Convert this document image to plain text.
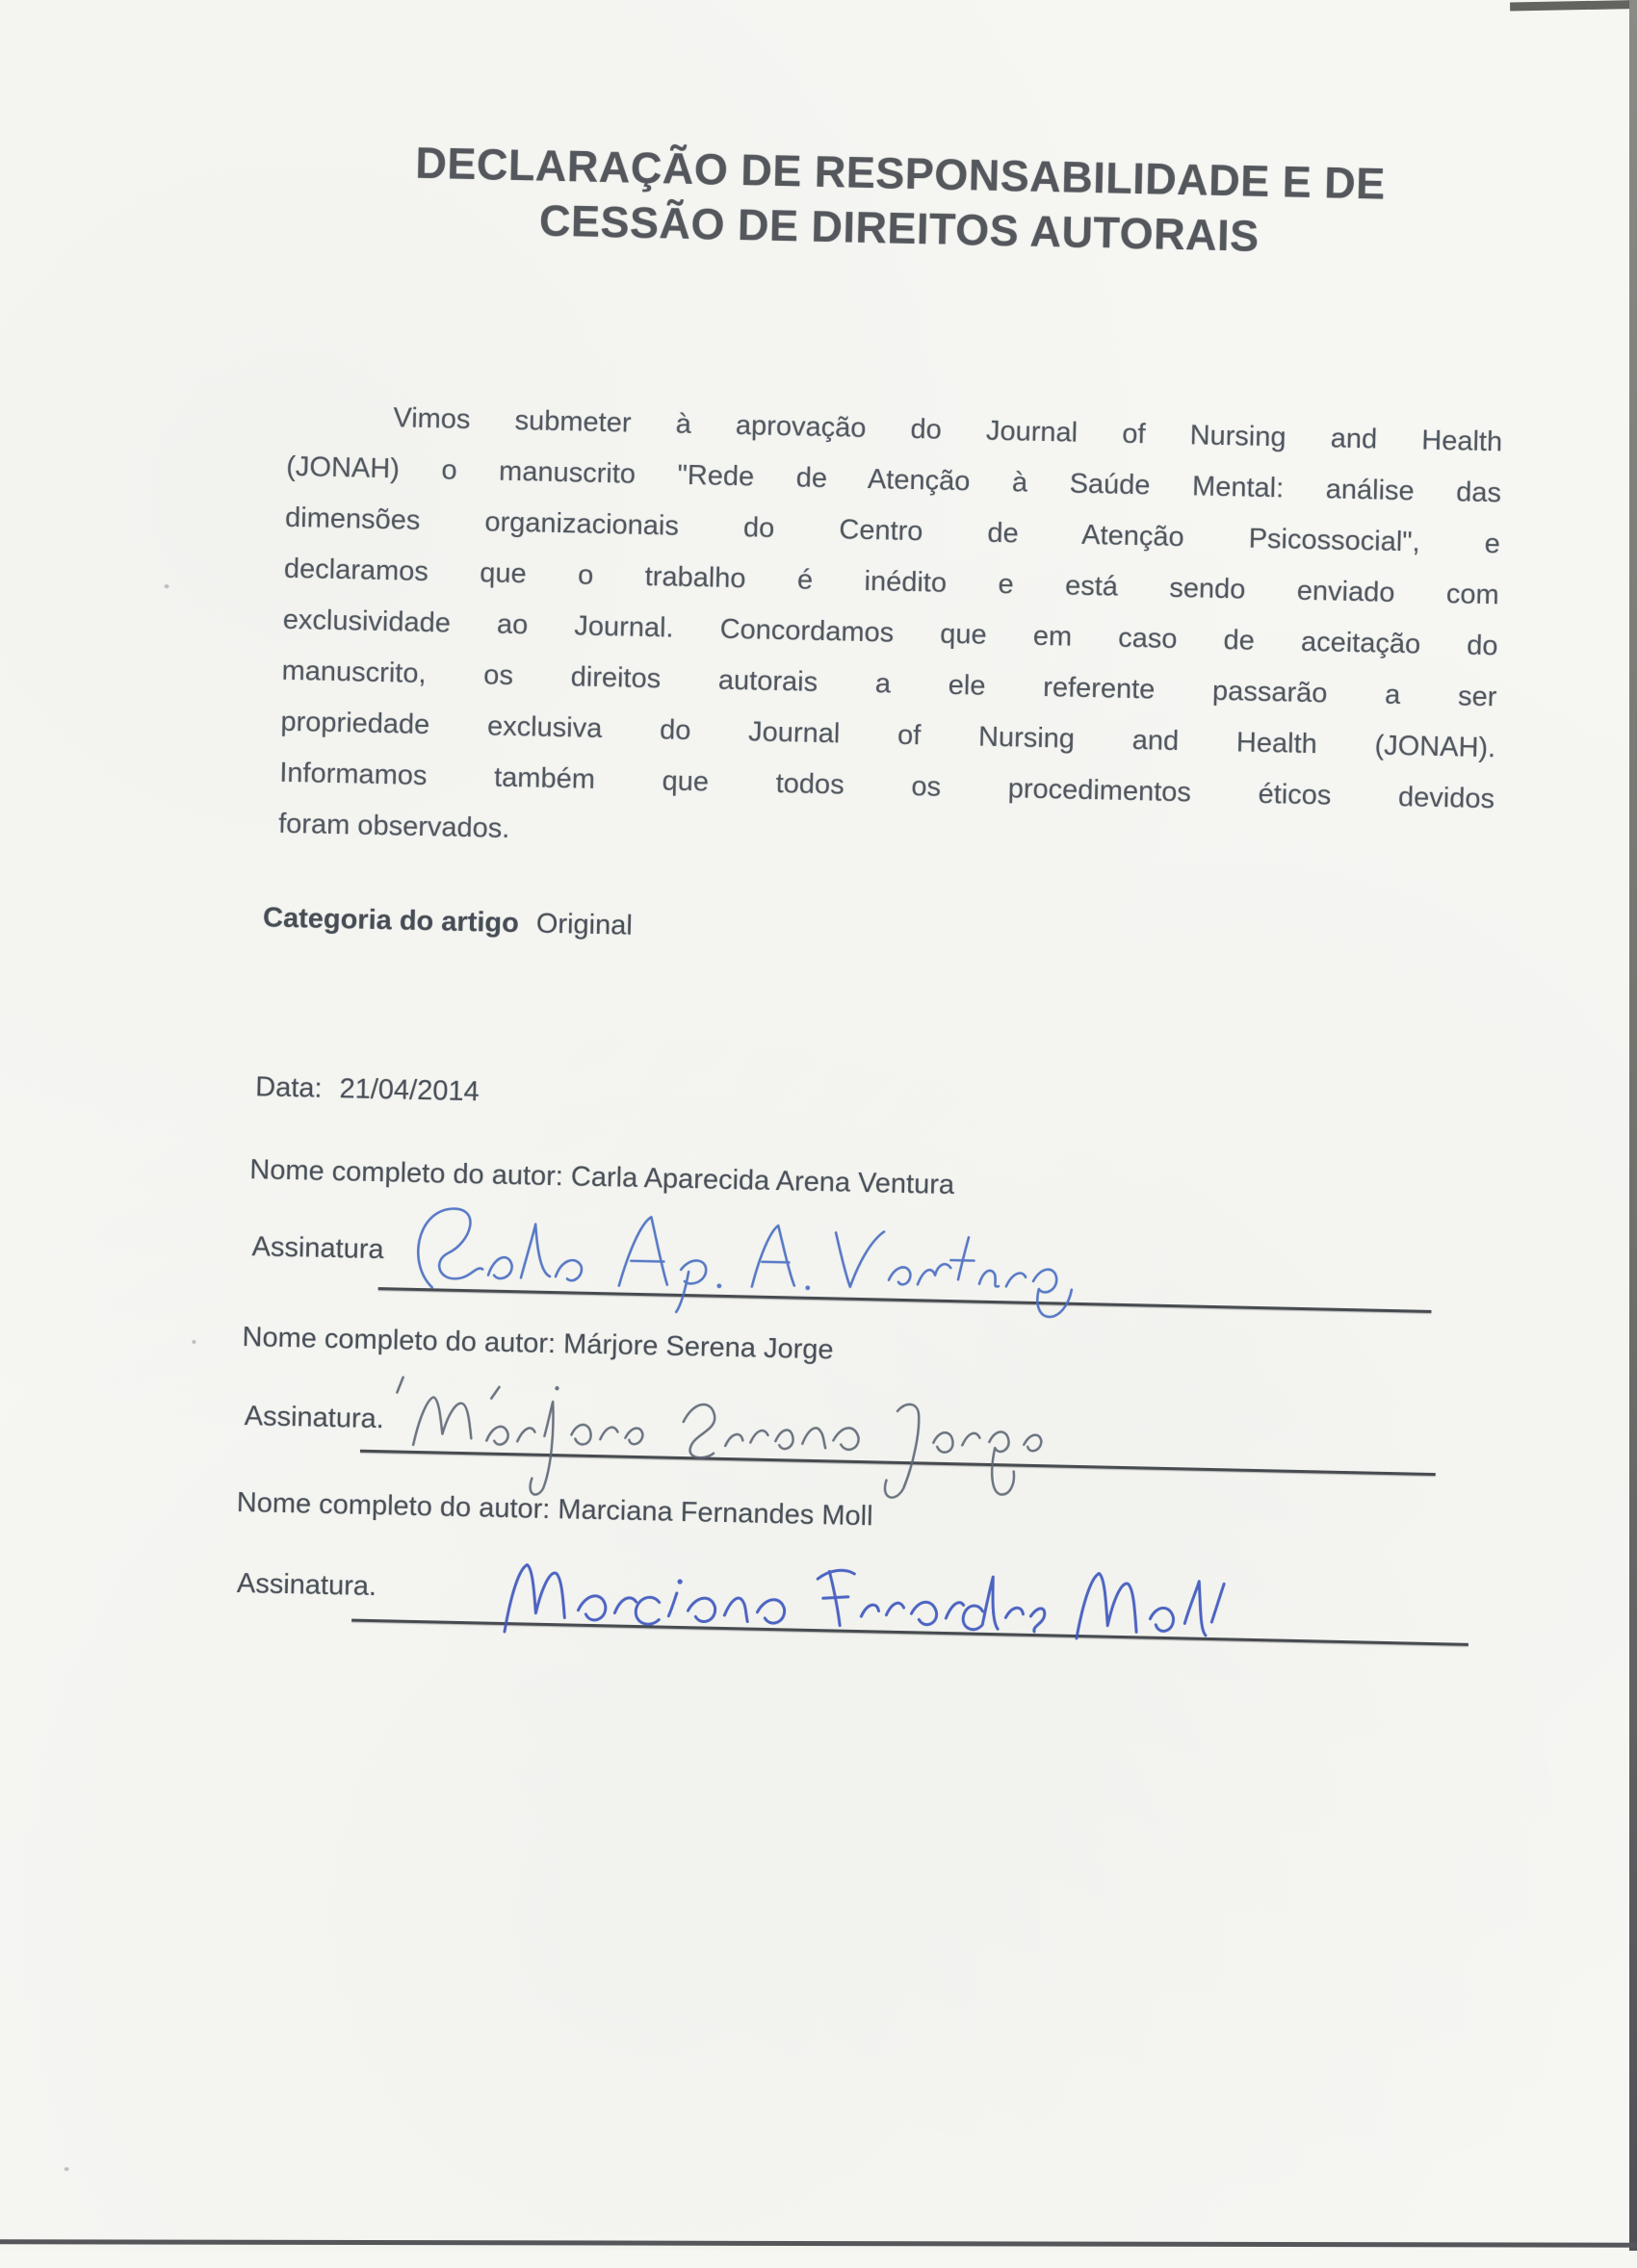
DECLARAÇÃO DE RESPONSABILIDADE E DE
CESSÃO DE DIREITOS AUTORAIS
Vimos submeter à aprovação do Journal of Nursing and Health
(JONAH) o manuscrito "Rede de Atenção à Saúde Mental: análise das
dimensões organizacionais do Centro de Atenção Psicossocial", e
declaramos que o trabalho é inédito e está sendo enviado com
exclusividade ao Journal. Concordamos que em caso de aceitação do
manuscrito, os direitos autorais a ele referente passarão a ser
propriedade exclusiva do Journal of Nursing and Health (JONAH).
Informamos também que todos os procedimentos éticos devidos
foram observados.
Categoria do artigo Original
Data: 21/04/2014
Nome completo do autor: Carla Aparecida Arena Ventura
Assinatura
Nome completo do autor: Márjore Serena Jorge
Assinatura.
Nome completo do autor: Marciana Fernandes Moll
Assinatura.
